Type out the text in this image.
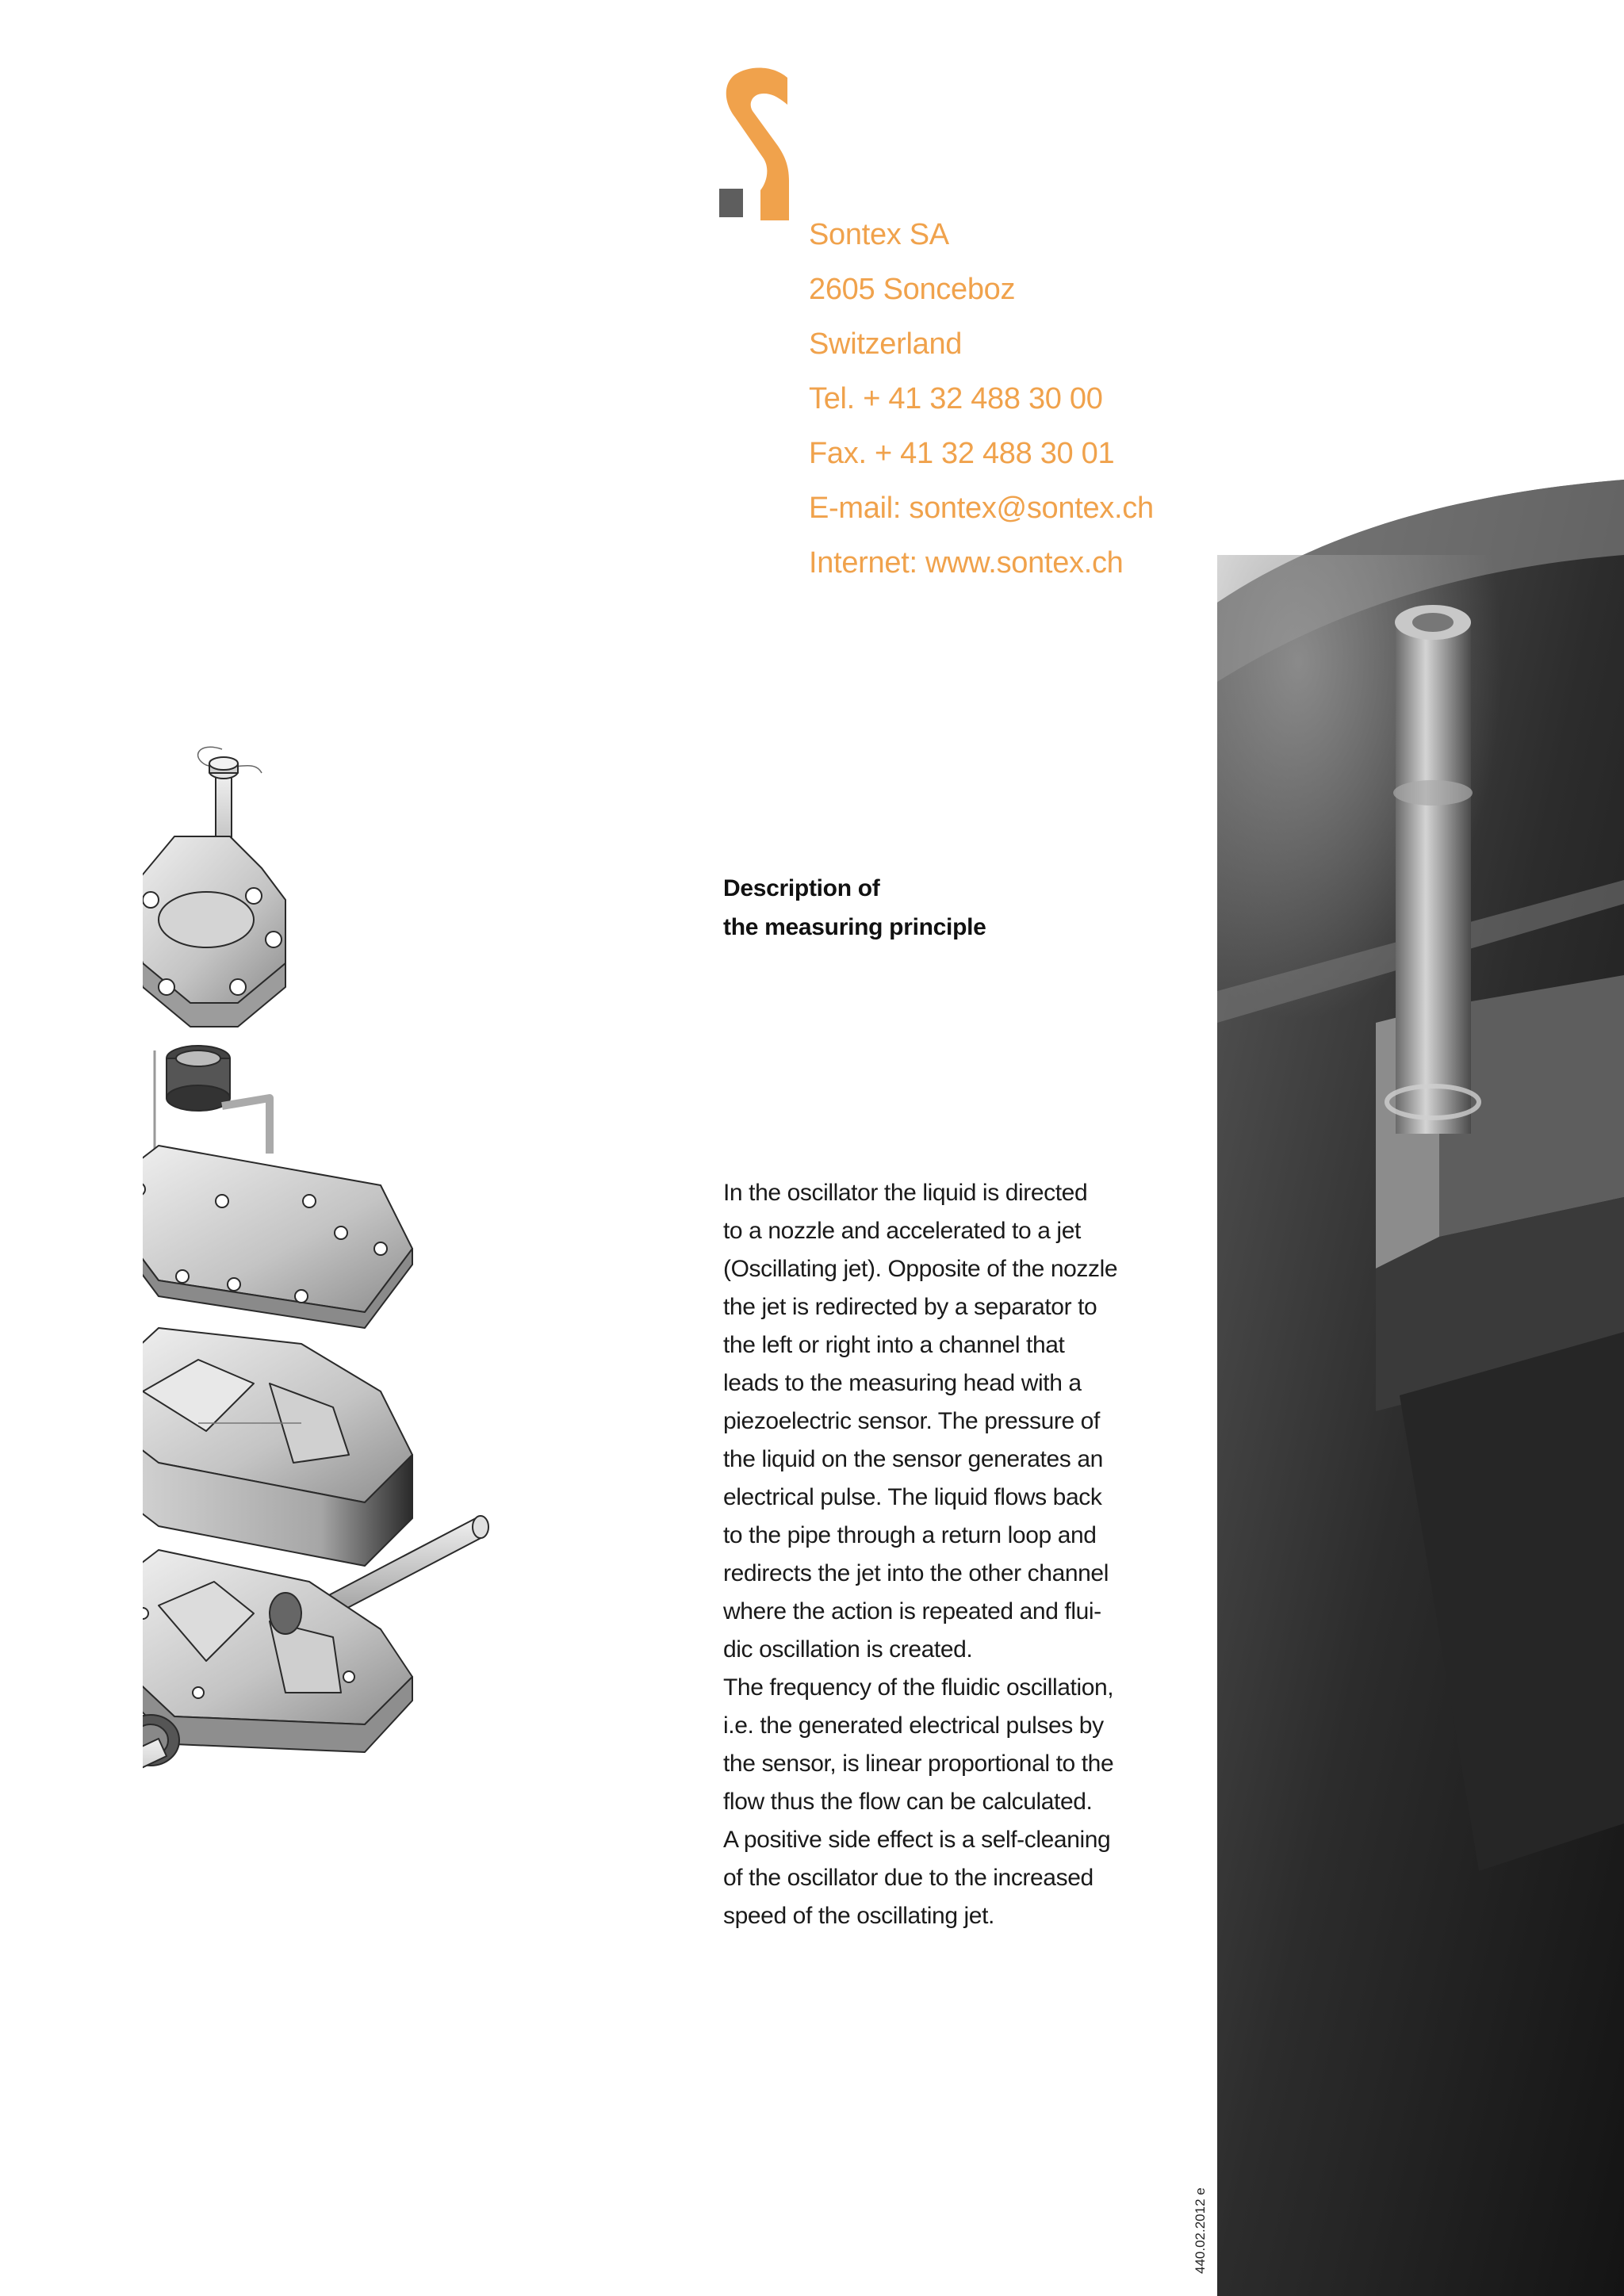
Sontex SA
2605 Sonceboz
Switzerland
Tel. + 41 32 488 30 00
Fax. + 41 32 488 30 01
E-mail: sontex@sontex.ch
Internet: www.sontex.ch
Description of
the measuring principle
In the oscillator the liquid is directed
to a nozzle and accelerated to a jet
(Oscillating jet). Opposite of the nozzle
the jet is redirected by a separator to
the left or right into a channel that
leads to the measuring head with a
piezoelectric sensor. The pressure of
the liquid on the sensor generates an
electrical pulse. The liquid flows back
to the pipe through a return loop and
redirects the jet into the other channel
where the action is repeated and flui-
dic oscillation is created.
The frequency of the fluidic oscillation,
i.e. the generated electrical pulses by
the sensor, is linear proportional to the
flow thus the flow can be calculated.
A positive side effect is a self-cleaning
of the oscillator due to the increased
speed of the oscillating jet.
440.02.2012 e
